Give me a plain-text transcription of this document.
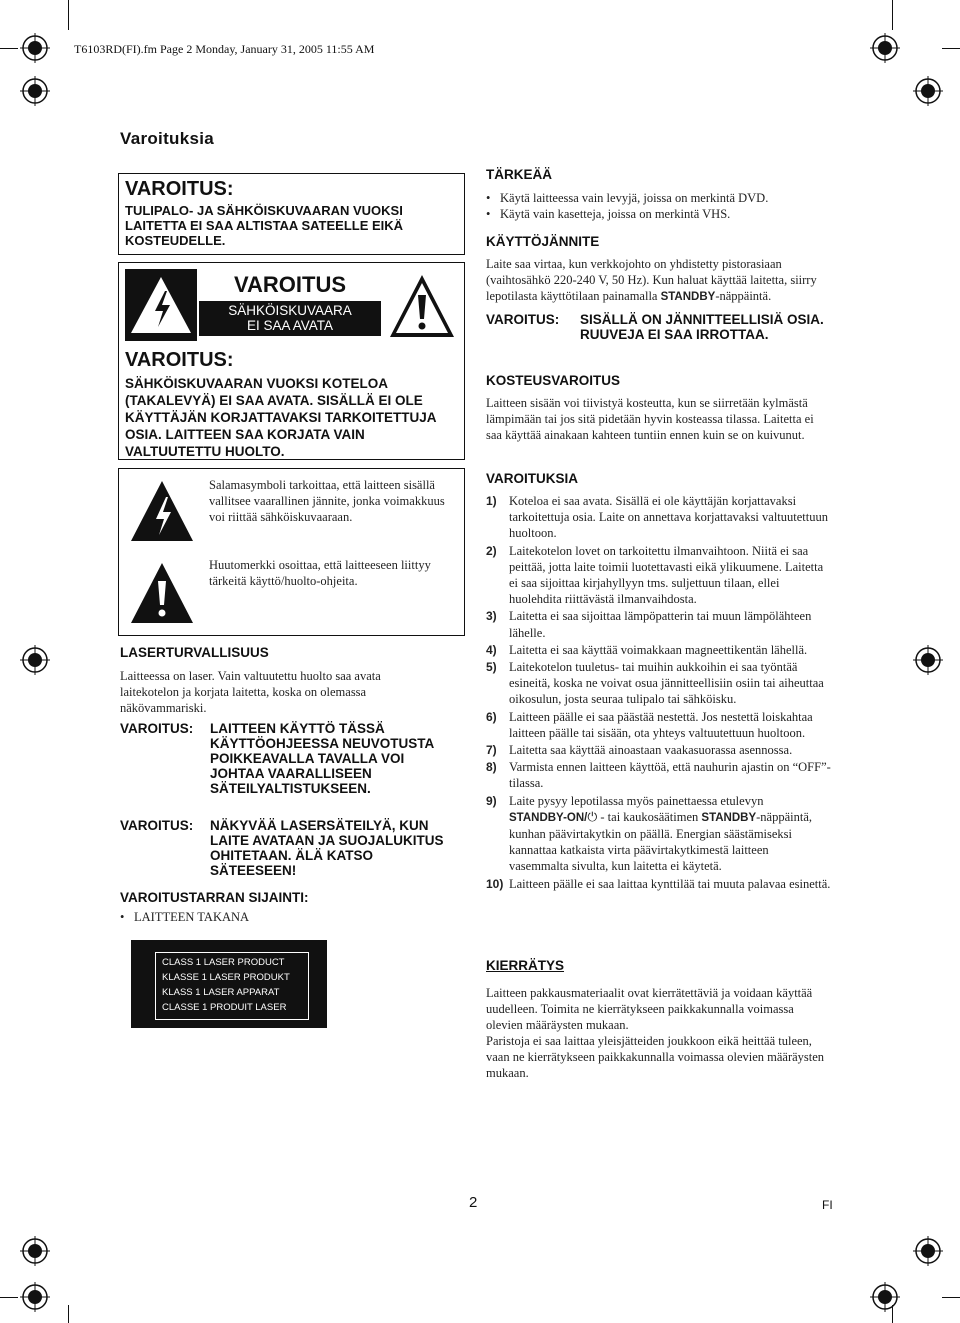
T6103RD(FI).fm Page 2 Monday, January 31, 2005 11:55 AM
Varoituksia
VAROITUS:
TULIPALO- JA SÄHKÖISKUVAARAN VUOKSI LAITETTA EI SAA ALTISTAA SATEELLE EIKÄ KOSTEUDELLE.
VAROITUS
SÄHKÖISKUVAARA
EI SAA AVATA
VAROITUS:
SÄHKÖISKUVAARAN VUOKSI KOTELOA (TAKALEVYÄ) EI SAA AVATA. SISÄLLÄ EI OLE KÄYTTÄJÄN KORJATTAVAKSI TARKOITETTUJA OSIA. LAITTEEN SAA KORJATA VAIN VALTUUTETTU HUOLTO.
Salamasymboli tarkoittaa, että laitteen sisällä vallitsee vaarallinen jännite, jonka voimakkuus voi riittää sähköiskuvaaraan.
Huutomerkki osoittaa, että laitteeseen liittyy tärkeitä käyttö/huolto-ohjeita.
LASERTURVALLISUUS
Laitteessa on laser. Vain valtuutettu huolto saa avata laitekotelon ja korjata laitetta, koska on olemassa näkövammariski.
VAROITUS: LAITTEEN KÄYTTÖ TÄSSÄ KÄYTTÖOHJEESSA NEUVOTUSTA POIKKEAVALLA TAVALLA VOI JOHTAA VAARALLISEEN SÄTEILYALTISTUKSEEN.
VAROITUS: NÄKYVÄÄ LASERSÄTEILYÄ, KUN LAITE AVATAAN JA SUOJALUKITUS OHITETAAN. ÄLÄ KATSO SÄTEESEEN!
VAROITUSTARRAN SIJAINTI:
• LAITTEEN TAKANA
CLASS 1 LASER PRODUCT
KLASSE 1 LASER PRODUKT
KLASS 1 LASER APPARAT
CLASSE 1 PRODUIT LASER
TÄRKEÄÄ
• Käytä laitteessa vain levyjä, joissa on merkintä DVD.
• Käytä vain kasetteja, joissa on merkintä VHS.
KÄYTTÖJÄNNITE
Laite saa virtaa, kun verkkojohto on yhdistetty pistorasiaan (vaihtosähkö 220-240 V, 50 Hz). Kun haluat käyttää laitetta, siirry lepotilasta käyttötilaan painamalla STANDBY-näppäintä.
VAROITUS: SISÄLLÄ ON JÄNNITTEELLISIÄ OSIA. RUUVEJA EI SAA IRROTTAA.
KOSTEUSVAROITUS
Laitteen sisään voi tiivistyä kosteutta, kun se siirretään kylmästä lämpimään tai jos sitä pidetään hyvin kosteassa tilassa. Laitetta ei saa käyttää ainakaan kahteen tuntiin ennen kuin se on kuivunut.
VAROITUKSIA
1) Koteloa ei saa avata. Sisällä ei ole käyttäjän korjattavaksi tarkoitettuja osia. Laite on annettava korjattavaksi valtuutettuun huoltoon.
2) Laitekotelon lovet on tarkoitettu ilmanvaihtoon. Niitä ei saa peittää, jotta laite toimii luotettavasti eikä ylikuumene. Laitetta ei saa sijoittaa kirjahyllyyn tms. suljettuun tilaan, ellei huolehdita riittävästä ilmanvaihdosta.
3) Laitetta ei saa sijoittaa lämpöpatterin tai muun lämpölähteen lähelle.
4) Laitetta ei saa käyttää voimakkaan magneettikentän lähellä.
5) Laitekotelon tuuletus- tai muihin aukkoihin ei saa työntää esineitä, koska ne voivat osua jännitteellisiin osiin tai aiheuttaa oikosulun, josta seuraa tulipalo tai sähköisku.
6) Laitteen päälle ei saa päästää nestettä. Jos nestettä loiskahtaa laitteen päälle tai sisään, ota yhteys valtuutettuun huoltoon.
7) Laitetta saa käyttää ainoastaan vaakasuorassa asennossa.
8) Varmista ennen laitteen käyttöä, että nauhurin ajastin on “OFF”-tilassa.
9) Laite pysyy lepotilassa myös painettaessa etulevyn
STANDBY-ON/⏻ - tai kaukosäätimen STANDBY-näppäintä, kunhan päävirtakytkin on päällä. Energian säästämiseksi kannattaa katkaista virta päävirtakytkimestä laitteen vasemmalta sivulta, kun laitetta ei käytetä.
10) Laitteen päälle ei saa laittaa kynttilää tai muuta palavaa esinettä.
KIERRÄTYS
Laitteen pakkausmateriaalit ovat kierrätettäviä ja voidaan käyttää uudelleen. Toimita ne kierrätykseen paikkakunnalla voimassa olevien määräysten mukaan.
Paristoja ei saa laittaa yleisjätteiden joukkoon eikä heittää tuleen, vaan ne kierrätykseen paikkakunnalla voimassa olevien määräysten mukaan.
2	FI
